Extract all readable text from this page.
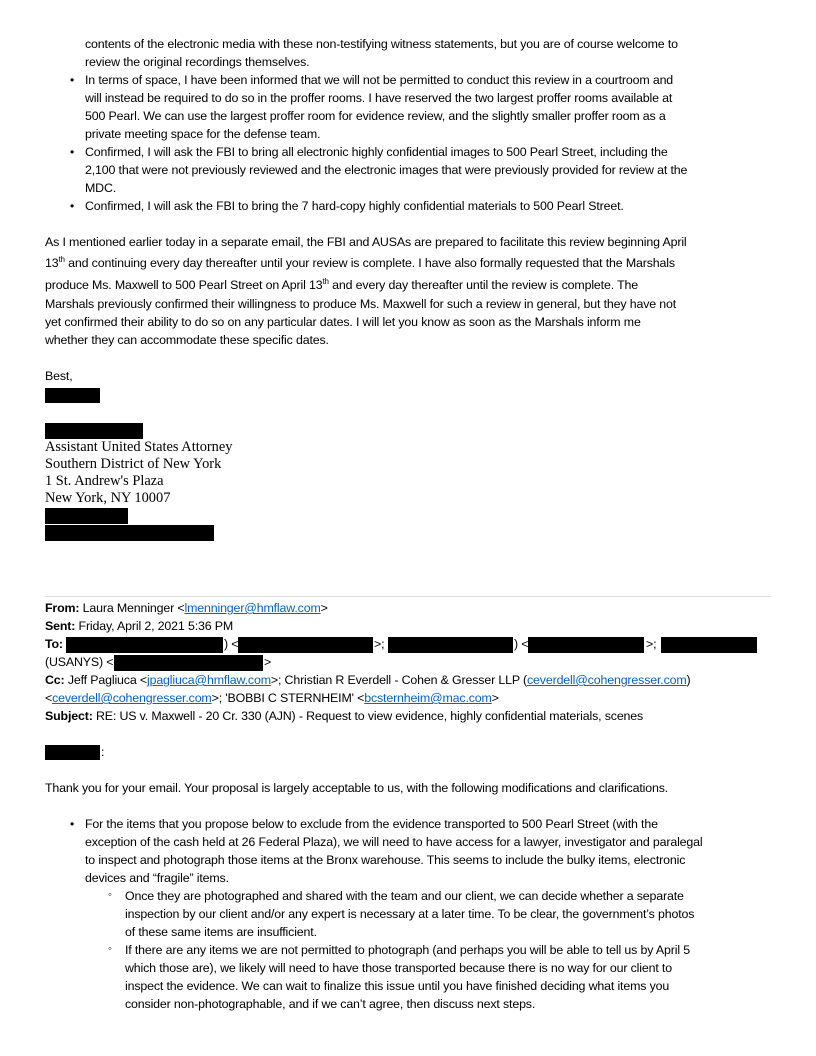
contents of the electronic media with these non-testifying witness statements, but you are of course welcome to
review the original recordings themselves.
• In terms of space, I have been informed that we will not be permitted to conduct this review in a courtroom and
will instead be required to do so in the proffer rooms. I have reserved the two largest proffer rooms available at
500 Pearl. We can use the largest proffer room for evidence review, and the slightly smaller proffer room as a
private meeting space for the defense team.
• Confirmed, I will ask the FBI to bring all electronic highly confidential images to 500 Pearl Street, including the
2,100 that were not previously reviewed and the electronic images that were previously provided for review at the
MDC.
• Confirmed, I will ask the FBI to bring the 7 hard-copy highly confidential materials to 500 Pearl Street.
As I mentioned earlier today in a separate email, the FBI and AUSAs are prepared to facilitate this review beginning April
13th and continuing every day thereafter until your review is complete. I have also formally requested that the Marshals
produce Ms. Maxwell to 500 Pearl Street on April 13th and every day thereafter until the review is complete. The
Marshals previously confirmed their willingness to produce Ms. Maxwell for such a review in general, but they have not
yet confirmed their ability to do so on any particular dates. I will let you know as soon as the Marshals inform me
whether they can accommodate these specific dates.
Best,
Assistant United States Attorney
Southern District of New York
1 St. Andrew's Plaza
New York, NY 10007
From: Laura Menninger <lmenninger@hmflaw.com>
Sent: Friday, April 2, 2021 5:36 PM
To:	) <	>;	) <	>;
(USANYS) <	>
Cc: Jeff Pagliuca <jpagliuca@hmflaw.com>; Christian R Everdell - Cohen & Gresser LLP (ceverdell@cohengresser.com)
<ceverdell@cohengresser.com>; 'BOBBI C STERNHEIM' <bcsternheim@mac.com>
Subject: RE: US v. Maxwell - 20 Cr. 330 (AJN) - Request to view evidence, highly confidential materials, scenes
:
Thank you for your email. Your proposal is largely acceptable to us, with the following modifications and clarifications.
• For the items that you propose below to exclude from the evidence transported to 500 Pearl Street (with the
exception of the cash held at 26 Federal Plaza), we will need to have access for a lawyer, investigator and paralegal
to inspect and photograph those items at the Bronx warehouse. This seems to include the bulky items, electronic
devices and “fragile” items.
◦ Once they are photographed and shared with the team and our client, we can decide whether a separate
inspection by our client and/or any expert is necessary at a later time. To be clear, the government’s photos
of these same items are insufficient.
◦ If there are any items we are not permitted to photograph (and perhaps you will be able to tell us by April 5
which those are), we likely will need to have those transported because there is no way for our client to
inspect the evidence. We can wait to finalize this issue until you have finished deciding what items you
consider non-photographable, and if we can’t agree, then discuss next steps.
